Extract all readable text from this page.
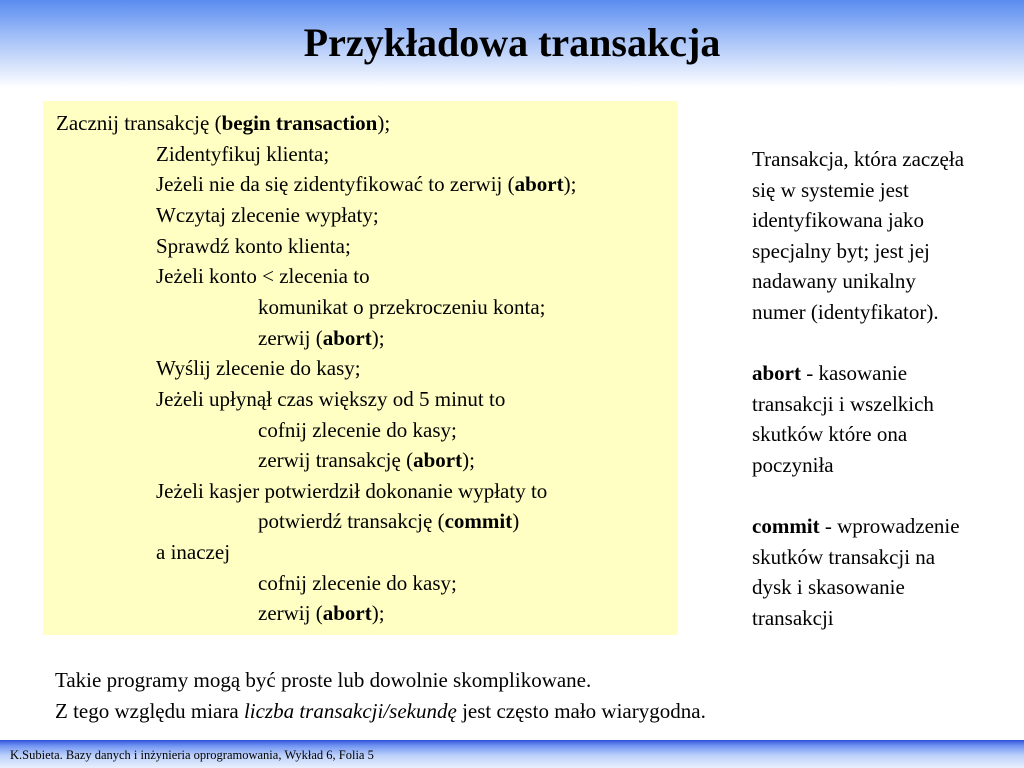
Przykładowa transakcja
Zacznij transakcję (begin transaction);
Zidentyfikuj klienta;
Jeżeli nie da się zidentyfikować to zerwij (abort);
Wczytaj zlecenie wypłaty;
Sprawdź konto klienta;
Jeżeli konto < zlecenia to
komunikat o przekroczeniu konta;
zerwij (abort);
Wyślij zlecenie do kasy;
Jeżeli upłynął czas większy od 5 minut to
cofnij zlecenie do kasy;
zerwij transakcję (abort);
Jeżeli kasjer potwierdził dokonanie wypłaty to
potwierdź transakcję (commit)
a inaczej
cofnij zlecenie do kasy;
zerwij (abort);

Transakcja, która zaczęła

się w systemie jest

identyfikowana jako

specjalny byt; jest jej

nadawany unikalny

numer (identyfikator).

abort - kasowanie

transakcji i wszelkich

skutków które ona

poczyniła

commit - wprowadzenie

skutków transakcji na

dysk i skasowanie

transakcji

Takie programy mogą być proste lub dowolnie skomplikowane.
Z tego względu miara liczba transakcji/sekundę jest często mało wiarygodna.
K.Subieta. Bazy danych i inżynieria oprogramowania, Wykład 6, Folia 5
